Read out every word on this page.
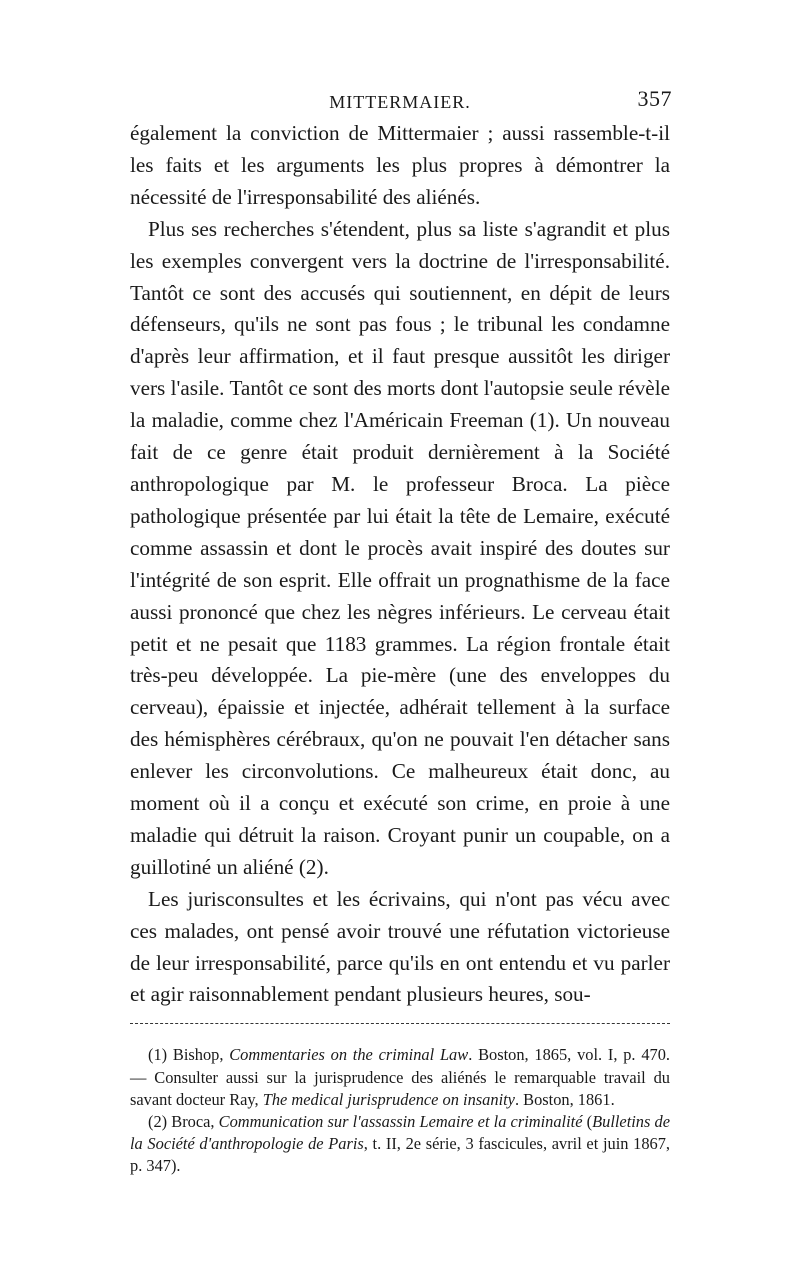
MITTERMAIER.	357

également la conviction de Mittermaier ; aussi rassemble-t-il les faits et les arguments les plus propres à démontrer la nécessité de l'irresponsabilité des aliénés.

Plus ses recherches s'étendent, plus sa liste s'agrandit et plus les exemples convergent vers la doctrine de l'irresponsabilité. Tantôt ce sont des accusés qui soutiennent, en dépit de leurs défenseurs, qu'ils ne sont pas fous ; le tribunal les condamne d'après leur affirmation, et il faut presque aussitôt les diriger vers l'asile. Tantôt ce sont des morts dont l'autopsie seule révèle la maladie, comme chez l'Américain Freeman (1). Un nouveau fait de ce genre était produit dernièrement à la Société anthropologique par M. le professeur Broca. La pièce pathologique présentée par lui était la tête de Lemaire, exécuté comme assassin et dont le procès avait inspiré des doutes sur l'intégrité de son esprit. Elle offrait un prognathisme de la face aussi prononcé que chez les nègres inférieurs. Le cerveau était petit et ne pesait que 1183 grammes. La région frontale était très-peu développée. La pie-mère (une des enveloppes du cerveau), épaissie et injectée, adhérait tellement à la surface des hémisphères cérébraux, qu'on ne pouvait l'en détacher sans enlever les circonvolutions. Ce malheureux était donc, au moment où il a conçu et exécuté son crime, en proie à une maladie qui détruit la raison. Croyant punir un coupable, on a guillotiné un aliéné (2).

Les jurisconsultes et les écrivains, qui n'ont pas vécu avec ces malades, ont pensé avoir trouvé une réfutation victorieuse de leur irresponsabilité, parce qu'ils en ont entendu et vu parler et agir raisonnablement pendant plusieurs heures, sou-

(1) Bishop, Commentaries on the criminal Law. Boston, 1865, vol. I, p. 470. — Consulter aussi sur la jurisprudence des aliénés le remarquable travail du savant docteur Ray, The medical jurisprudence on insanity. Boston, 1861.

(2) Broca, Communication sur l'assassin Lemaire et la criminalité (Bulletins de la Société d'anthropologie de Paris, t. II, 2e série, 3 fascicules, avril et juin 1867, p. 347).
